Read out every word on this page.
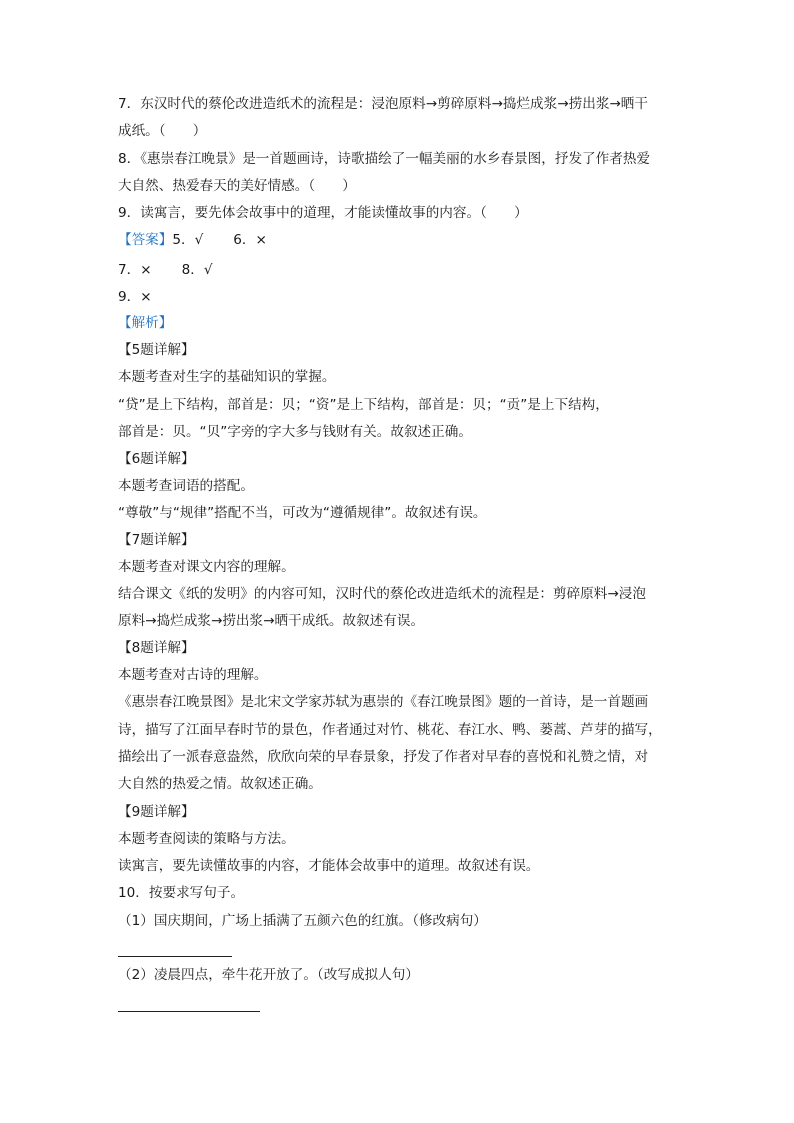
7．东汉时代的蔡伦改进造纸术的流程是：浸泡原料→剪碎原料→捣烂成浆→捞出浆→晒干
成纸。（　　）
8．《惠崇春江晚景》是一首题画诗，诗歌描绘了一幅美丽的水乡春景图，抒发了作者热爱
大自然、热爱春天的美好情感。（　　）
9．读寓言，要先体会故事中的道理，才能读懂故事的内容。（　　）
【答案】5．√ 6．×
7．× 8．√
9．×
【解析】
【5题详解】
本题考查对生字的基础知识的掌握。
“贷”是上下结构，部首是：贝；“资”是上下结构，部首是：贝；“贡”是上下结构，
部首是：贝。“贝”字旁的字大多与钱财有关。故叙述正确。
【6题详解】
本题考查词语的搭配。
“尊敬”与“规律”搭配不当，可改为“遵循规律”。故叙述有误。
【7题详解】
本题考查对课文内容的理解。
结合课文《纸的发明》的内容可知，汉时代的蔡伦改进造纸术的流程是：剪碎原料→浸泡
原料→捣烂成浆→捞出浆→晒干成纸。故叙述有误。
【8题详解】
本题考查对古诗的理解。
《惠崇春江晚景图》是北宋文学家苏轼为惠崇的《春江晚景图》题的一首诗，是一首题画
诗，描写了江面早春时节的景色，作者通过对竹、桃花、春江水、鸭、蒌蒿、芦芽的描写，
描绘出了一派春意盎然，欣欣向荣的早春景象，抒发了作者对早春的喜悦和礼赞之情，对
大自然的热爱之情。故叙述正确。
【9题详解】
本题考查阅读的策略与方法。
读寓言，要先读懂故事的内容，才能体会故事中的道理。故叙述有误。
10．按要求写句子。
（1）国庆期间，广场上插满了五颜六色的红旗。（修改病句）
（2）凌晨四点，牵牛花开放了。（改写成拟人句）
